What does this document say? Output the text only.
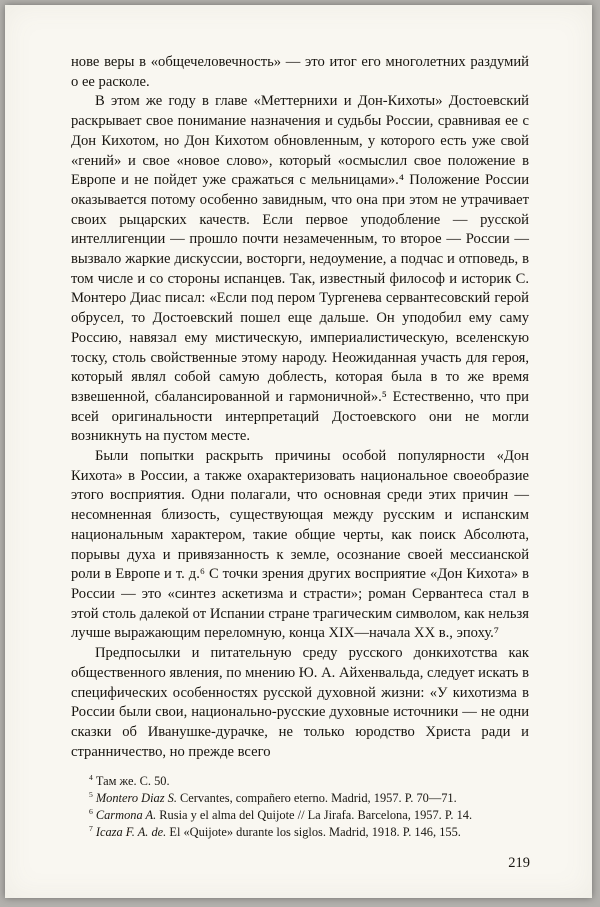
нове веры в «общечеловечность» — это итог его многолетних раздумий о ее расколе.

В этом же году в главе «Меттернихи и Дон-Кихоты» Достоевский раскрывает свое понимание назначения и судьбы России, сравнивая ее с Дон Кихотом, но Дон Кихотом обновленным, у которого есть уже свой «гений» и свое «новое слово», который «осмыслил свое положение в Европе и не пойдет уже сражаться с мельницами».⁴ Положение России оказывается потому особенно завидным, что она при этом не утрачивает своих рыцарских качеств. Если первое уподобление — русской интеллигенции — прошло почти незамеченным, то второе — России — вызвало жаркие дискуссии, восторги, недоумение, а подчас и отповедь, в том числе и со стороны испанцев. Так, известный философ и историк С. Монтеро Диас писал: «Если под пером Тургенева сервантесовский герой обрусел, то Достоевский пошел еще дальше. Он уподобил ему саму Россию, навязал ему мистическую, империалистическую, вселенскую тоску, столь свойственные этому народу. Неожиданная участь для героя, который являл собой самую доблесть, которая была в то же время взвешенной, сбалансированной и гармоничной».⁵ Естественно, что при всей оригинальности интерпретаций Достоевского они не могли возникнуть на пустом месте.

Были попытки раскрыть причины особой популярности «Дон Кихота» в России, а также охарактеризовать национальное своеобразие этого восприятия. Одни полагали, что основная среди этих причин — несомненная близость, существующая между русским и испанским национальным характером, такие общие черты, как поиск Абсолюта, порывы духа и привязанность к земле, осознание своей мессианской роли в Европе и т. д.⁶ С точки зрения других восприятие «Дон Кихота» в России — это «синтез аскетизма и страсти»; роман Сервантеса стал в этой столь далекой от Испании стране трагическим символом, как нельзя лучше выражающим переломную, конца XIX—начала XX в., эпоху.⁷

Предпосылки и питательную среду русского донкихотства как общественного явления, по мнению Ю. А. Айхенвальда, следует искать в специфических особенностях русской духовной жизни: «У кихотизма в России были свои, национально-русские духовные источники — не одни сказки об Иванушке-дурачке, не только юродство Христа ради и странничество, но прежде всего

$^4$ Там же. С. 50.
$^5$ Montero Diaz S. Cervantes, compañero eterno. Madrid, 1957. P. 70—71.
$^6$ Carmona A. Rusia y el alma del Quijote // La Jirafa. Barcelona, 1957. P. 14.
$^7$ Icaza F. A. de. El «Quijote» durante los siglos. Madrid, 1918. P. 146, 155.
219
